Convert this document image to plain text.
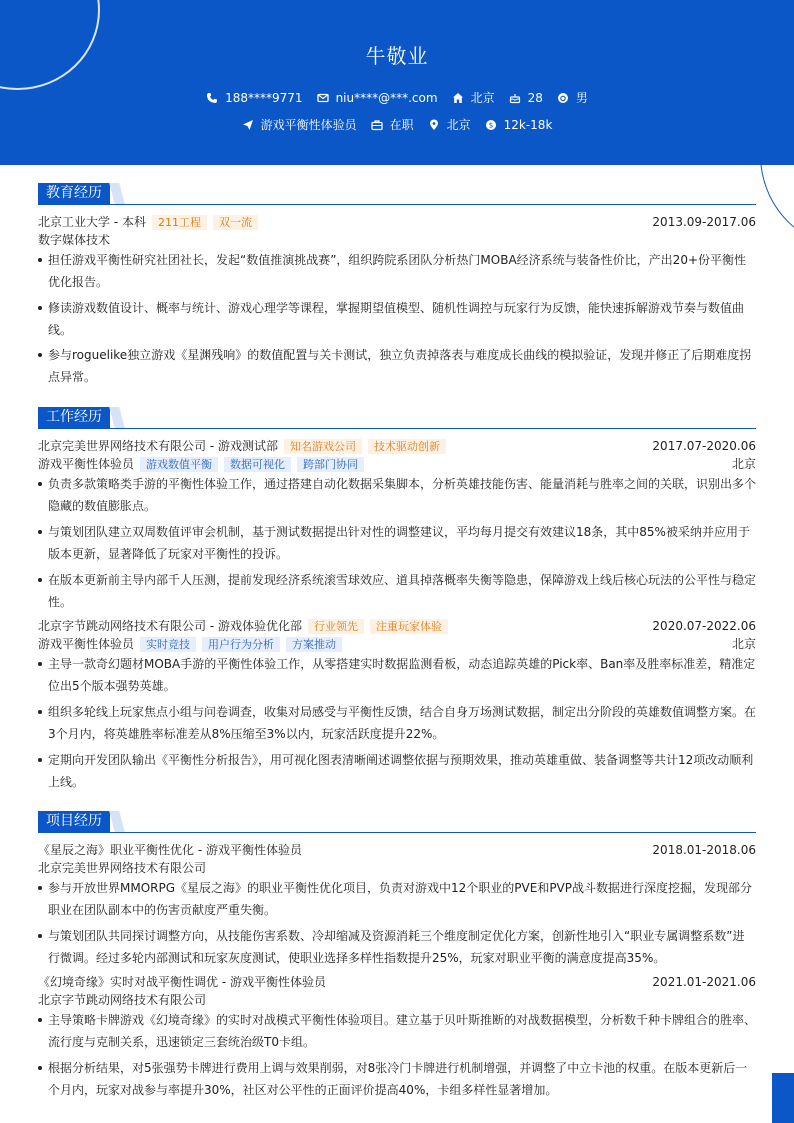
牛敬业
188****9771	niu****@***.com	北京	28	男
游戏平衡性体验员	在职	北京	$ 12k-18k
教育经历
北京工业大学 - 本科	211工程	双一流	2013.09-2017.06
数字媒体技术
担任游戏平衡性研究社团社长，发起“数值推演挑战赛”，组织跨院系团队分析热门MOBA经济系统与装备性价比，产出20+份平衡性优化报告。
修读游戏数值设计、概率与统计、游戏心理学等课程，掌握期望值模型、随机性调控与玩家行为反馈，能快速拆解游戏节奏与数值曲线。
参与roguelike独立游戏《星渊残响》的数值配置与关卡测试，独立负责掉落表与难度成长曲线的模拟验证，发现并修正了后期难度拐点异常。
工作经历
北京完美世界网络技术有限公司 - 游戏测试部	知名游戏公司	技术驱动创新	2017.07-2020.06
游戏平衡性体验员	游戏数值平衡	数据可视化	跨部门协同	北京
负责多款策略类手游的平衡性体验工作，通过搭建自动化数据采集脚本，分析英雄技能伤害、能量消耗与胜率之间的关联，识别出多个隐藏的数值膨胀点。
与策划团队建立双周数值评审会机制，基于测试数据提出针对性的调整建议，平均每月提交有效建议18条，其中85%被采纳并应用于版本更新，显著降低了玩家对平衡性的投诉。
在版本更新前主导内部千人压测，提前发现经济系统滚雪球效应、道具掉落概率失衡等隐患，保障游戏上线后核心玩法的公平性与稳定性。
北京字节跳动网络技术有限公司 - 游戏体验优化部	行业领先	注重玩家体验	2020.07-2022.06
游戏平衡性体验员	实时竞技	用户行为分析	方案推动	北京
主导一款奇幻题材MOBA手游的平衡性体验工作，从零搭建实时数据监测看板，动态追踪英雄的Pick率、Ban率及胜率标准差，精准定位出5个版本强势英雄。
组织多轮线上玩家焦点小组与问卷调查，收集对局感受与平衡性反馈，结合自身万场测试数据，制定出分阶段的英雄数值调整方案。在3个月内，将英雄胜率标准差从8%压缩至3%以内，玩家活跃度提升22%。
定期向开发团队输出《平衡性分析报告》，用可视化图表清晰阐述调整依据与预期效果，推动英雄重做、装备调整等共计12项改动顺利上线。
项目经历
《星辰之海》职业平衡性优化 - 游戏平衡性体验员	2018.01-2018.06
北京完美世界网络技术有限公司
参与开放世界MMORPG《星辰之海》的职业平衡性优化项目，负责对游戏中12个职业的PVE和PVP战斗数据进行深度挖掘，发现部分职业在团队副本中的伤害贡献度严重失衡。
与策划团队共同探讨调整方向，从技能伤害系数、冷却缩减及资源消耗三个维度制定优化方案，创新性地引入“职业专属调整系数”进行微调。经过多轮内部测试和玩家灰度测试，使职业选择多样性指数提升25%，玩家对职业平衡的满意度提高35%。
《幻境奇缘》实时对战平衡性调优 - 游戏平衡性体验员	2021.01-2021.06
北京字节跳动网络技术有限公司
主导策略卡牌游戏《幻境奇缘》的实时对战模式平衡性体验项目。建立基于贝叶斯推断的对战数据模型，分析数千种卡牌组合的胜率、流行度与克制关系，迅速锁定三套统治级T0卡组。
根据分析结果，对5张强势卡牌进行费用上调与效果削弱，对8张冷门卡牌进行机制增强，并调整了中立卡池的权重。在版本更新后一个月内，玩家对战参与率提升30%，社区对公平性的正面评价提高40%，卡组多样性显著增加。
